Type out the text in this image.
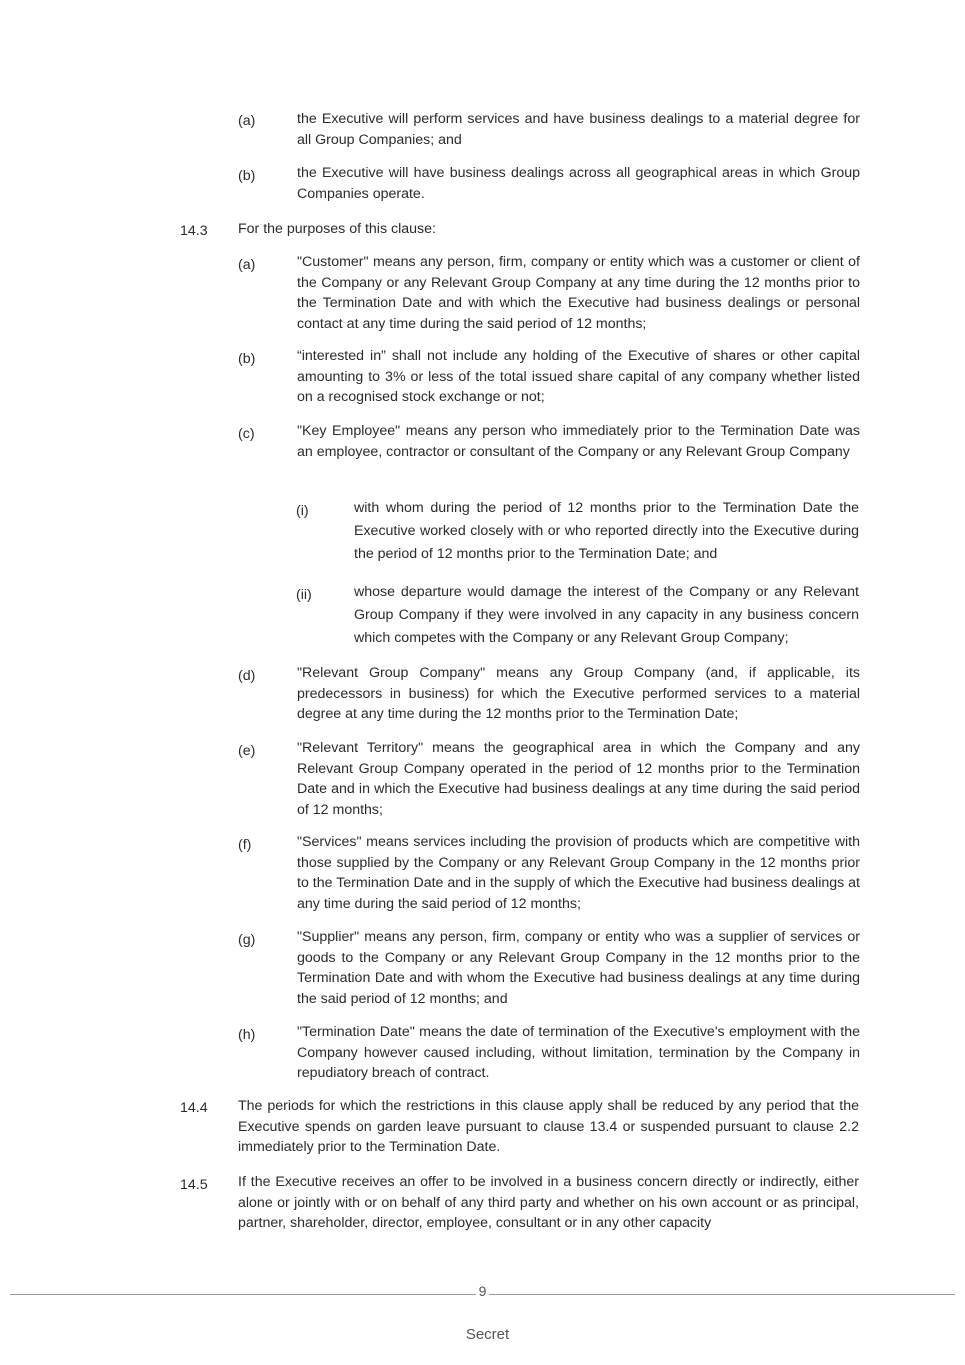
(a)	the Executive will perform services and have business dealings to a material degree for all Group Companies; and
(b)	the Executive will have business dealings across all geographical areas in which Group Companies operate.
14.3 For the purposes of this clause:
(a)	"Customer" means any person, firm, company or entity which was a customer or client of the Company or any Relevant Group Company at any time during the 12 months prior to the Termination Date and with which the Executive had business dealings or personal contact at any time during the said period of 12 months;
(b)	“interested in” shall not include any holding of the Executive of shares or other capital amounting to 3% or less of the total issued share capital of any company whether listed on a recognised stock exchange or not;
(c)	"Key Employee" means any person who immediately prior to the Termination Date was an employee, contractor or consultant of the Company or any Relevant Group Company
(i)	with whom during the period of 12 months prior to the Termination Date the Executive worked closely with or who reported directly into the Executive during the period of 12 months prior to the Termination Date; and
(ii)	whose departure would damage the interest of the Company or any Relevant Group Company if they were involved in any capacity in any business concern which competes with the Company or any Relevant Group Company;
(d)	"Relevant Group Company" means any Group Company (and, if applicable, its predecessors in business) for which the Executive performed services to a material degree at any time during the 12 months prior to the Termination Date;
(e)	"Relevant Territory" means the geographical area in which the Company and any Relevant Group Company operated in the period of 12 months prior to the Termination Date and in which the Executive had business dealings at any time during the said period of 12 months;
(f)	"Services" means services including the provision of products which are competitive with those supplied by the Company or any Relevant Group Company in the 12 months prior to the Termination Date and in the supply of which the Executive had business dealings at any time during the said period of 12 months;
(g)	"Supplier" means any person, firm, company or entity who was a supplier of services or goods to the Company or any Relevant Group Company in the 12 months prior to the Termination Date and with whom the Executive had business dealings at any time during the said period of 12 months; and
(h)	"Termination Date" means the date of termination of the Executive's employment with the Company however caused including, without limitation, termination by the Company in repudiatory breach of contract.
14.4 The periods for which the restrictions in this clause apply shall be reduced by any period that the Executive spends on garden leave pursuant to clause 13.4 or suspended pursuant to clause 2.2 immediately prior to the Termination Date.
14.5 If the Executive receives an offer to be involved in a business concern directly or indirectly, either alone or jointly with or on behalf of any third party and whether on his own account or as principal, partner, shareholder, director, employee, consultant or in any other capacity
9
Secret
